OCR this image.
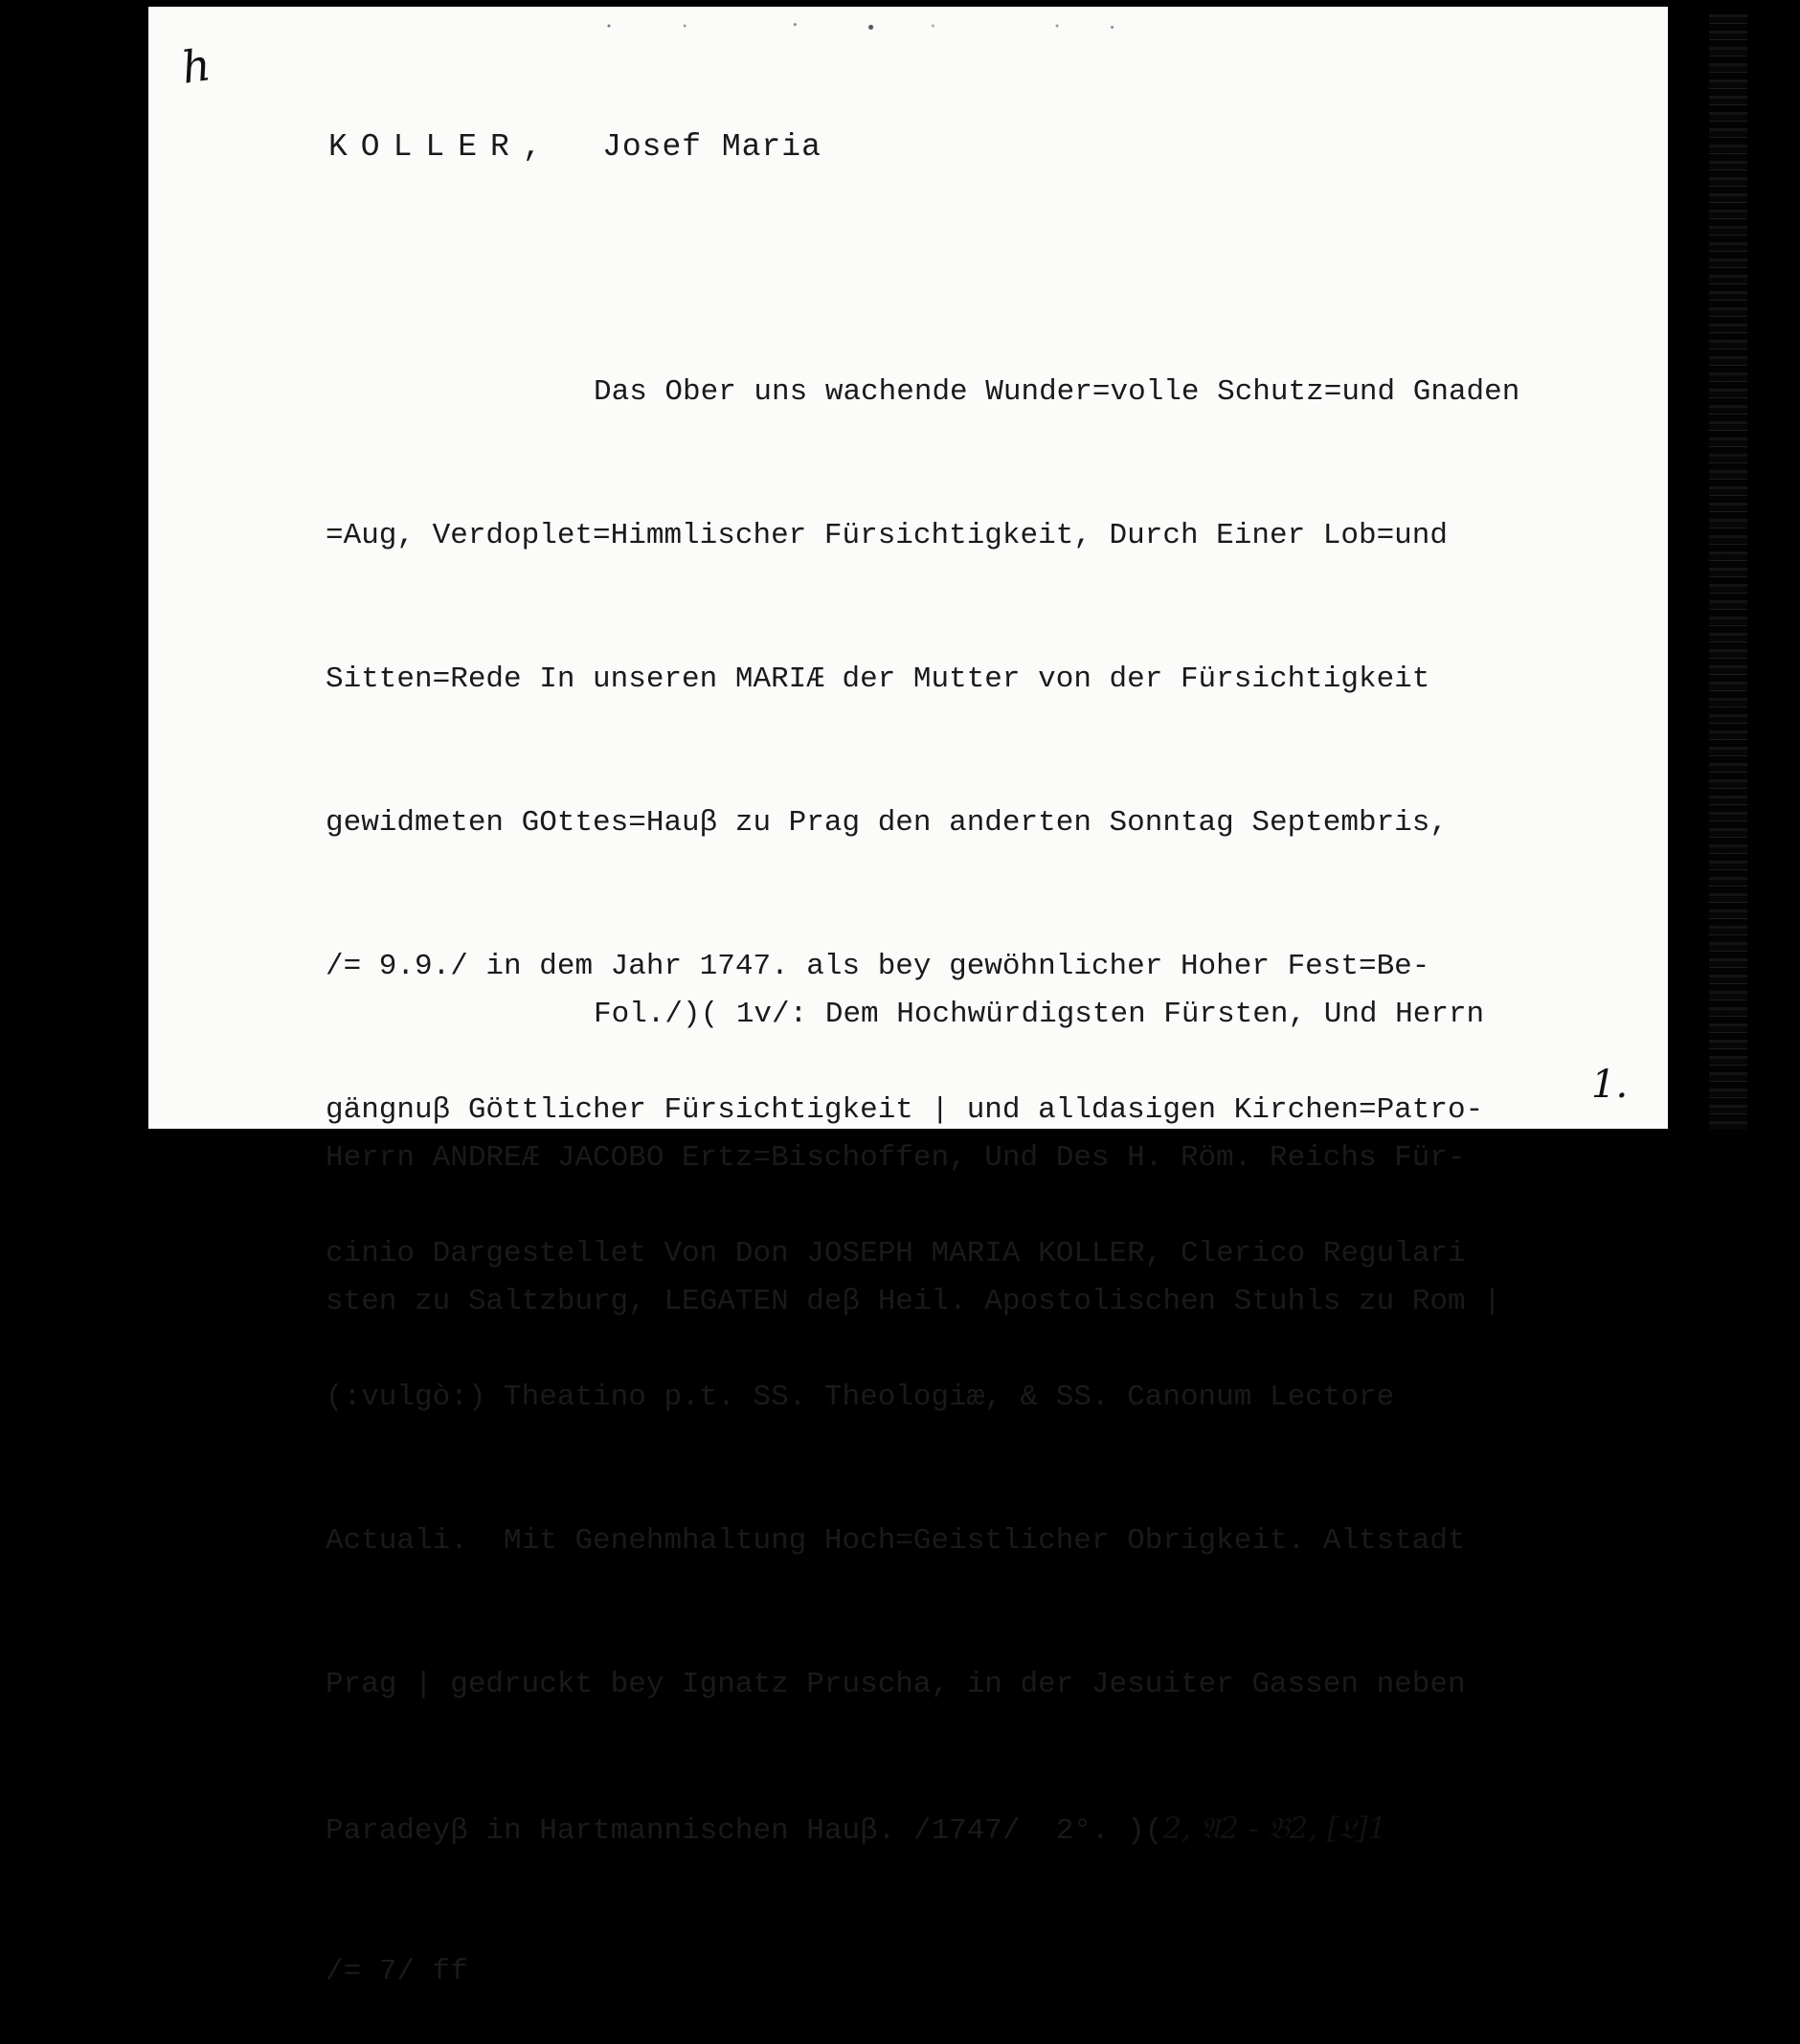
h
KOLLER, Josef Maria

Das Ober uns wachende Wunder=volle Schutz=und Gnaden

=Aug, Verdoplet=Himmlischer Fürsichtigkeit, Durch Einer Lob=und

Sitten=Rede In unseren MARIÆ der Mutter von der Fürsichtigkeit

gewidmeten GOttes=Hauβ zu Prag den anderten Sonntag Septembris,

/= 9.9./ in dem Jahr 1747. als bey gewöhnlicher Hoher Fest=Be-

gängnuβ Göttlicher Fürsichtigkeit | und alldasigen Kirchen=Patro-

cinio Dargestellet Von Don JOSEPH MARIA KOLLER, Clerico Regulari

(:vulgò:) Theatino p.t. SS. Theologiæ, & SS. Canonum Lectore

Actuali.  Mit Genehmhaltung Hoch=Geistlicher Obrigkeit. Altstadt

Prag | gedruckt bey Ignatz Pruscha, in der Jesuiter Gassen neben

Paradeyβ in Hartmannischen Hauβ. /1747/  2°. )(2, 𝔄2 - 𝔅2, [𝔏]1

/= 7/ ff

Fol./)( 1v/: Dem Hochwürdigsten Fürsten, Und Herrn

Herrn ANDREÆ JACOBO Ertz=Bischoffen, Und Des H. Röm. Reichs Für-

sten zu Saltzburg, LEGATEN deβ Heil. Apostolischen Stuhls zu Rom |

1.
